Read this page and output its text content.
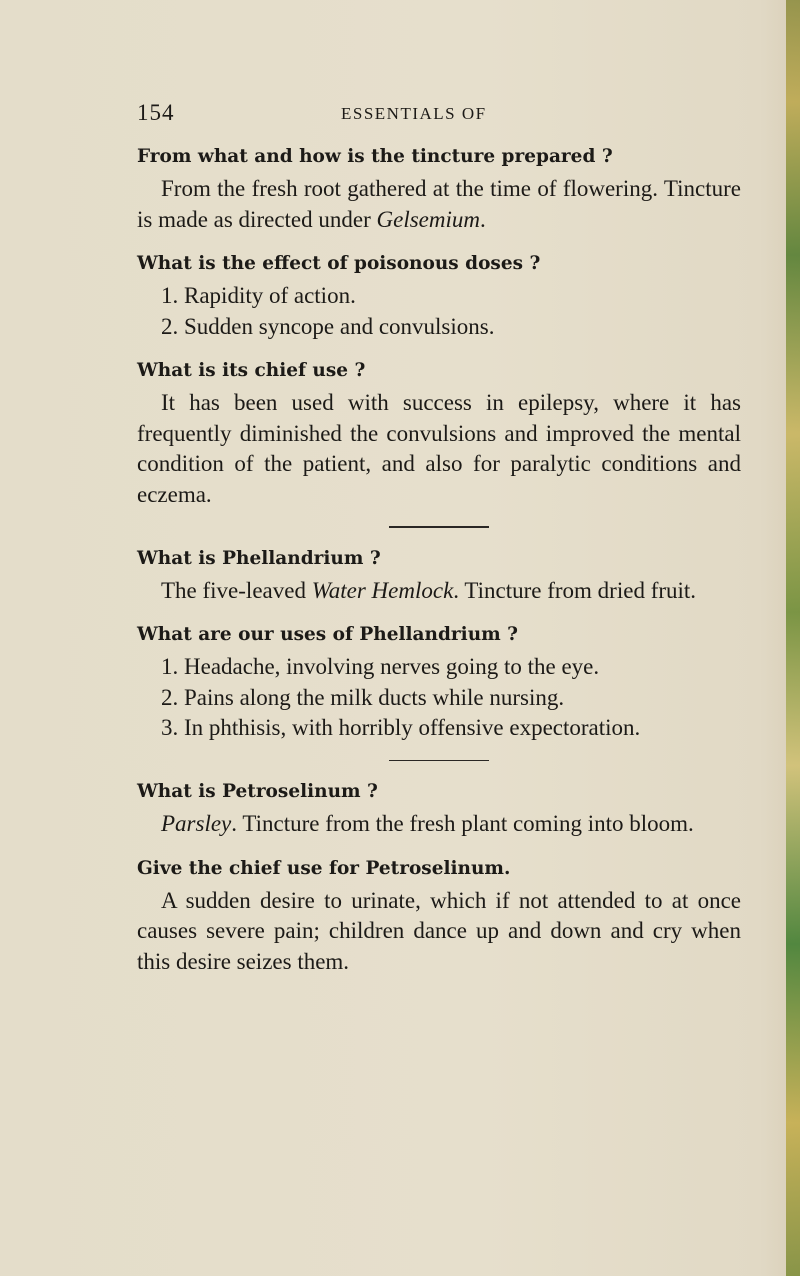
154	ESSENTIALS OF

From what and how is the tincture prepared ?

From the fresh root gathered at the time of flowering. Tincture is made as directed under Gelsemium.

What is the effect of poisonous doses ?

1. Rapidity of action.

2. Sudden syncope and convulsions.

What is its chief use ?

It has been used with success in epilepsy, where it has frequently diminished the convulsions and improved the mental condition of the patient, and also for paralytic conditions and eczema.

What is Phellandrium ?

The five-leaved Water Hemlock. Tincture from dried fruit.

What are our uses of Phellandrium ?

1. Headache, involving nerves going to the eye.

2. Pains along the milk ducts while nursing.

3. In phthisis, with horribly offensive expectoration.

What is Petroselinum ?

Parsley. Tincture from the fresh plant coming into bloom.

Give the chief use for Petroselinum.

A sudden desire to urinate, which if not attended to at once causes severe pain; children dance up and down and cry when this desire seizes them.
